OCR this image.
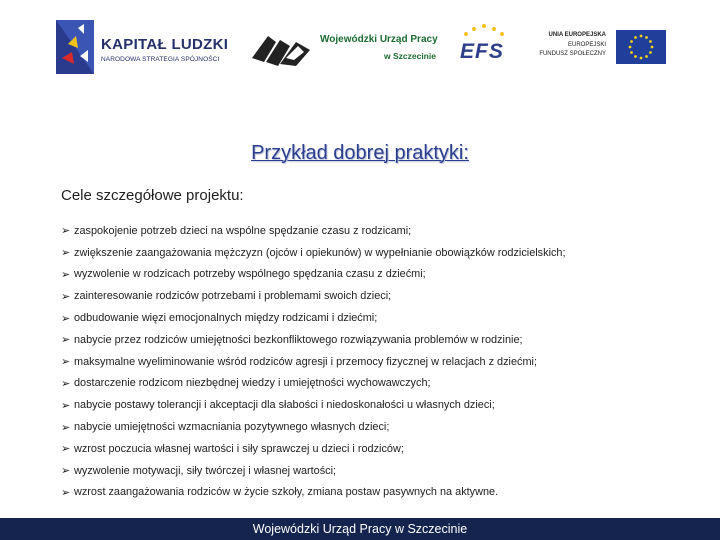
KAPITAŁ LUDZKI
NARODOWA STRATEGIA SPÓJNOŚCI
Wojewódzki Urząd Pracy
w Szczecinie EFS
UNIA EUROPEJSKA
EUROPEJSKI
FUNDUSZ SPOŁECZNY
Przykład dobrej praktyki:
Cele szczegółowe projektu:
➢ zaspokojenie potrzeb dzieci na wspólne spędzanie czasu z rodzicami;
➢ zwiększenie zaangażowania mężczyzn (ojców i opiekunów) w wypełnianie obowiązków rodzicielskich;
➢ wyzwolenie w rodzicach potrzeby wspólnego spędzania czasu z dziećmi;
➢ zainteresowanie rodziców potrzebami i problemami swoich dzieci;
➢ odbudowanie więzi emocjonalnych między rodzicami i dziećmi;
➢ nabycie przez rodziców umiejętności bezkonfliktowego rozwiązywania problemów w rodzinie;
➢ maksymalne wyeliminowanie wśród rodziców agresji i przemocy fizycznej w relacjach z dziećmi;
➢ dostarczenie rodzicom niezbędnej wiedzy i umiejętności wychowawczych;
➢ nabycie postawy tolerancji i akceptacji dla słabości i niedoskonałości u własnych dzieci;
➢ nabycie umiejętności wzmacniania pozytywnego własnych dzieci;
➢ wzrost poczucia własnej wartości i siły sprawczej u dzieci i rodziców;
➢ wyzwolenie motywacji, siły twórczej i własnej wartości;
➢ wzrost zaangażowania rodziców w życie szkoły, zmiana postaw pasywnych na aktywne.
Wojewódzki Urząd Pracy w Szczecinie
